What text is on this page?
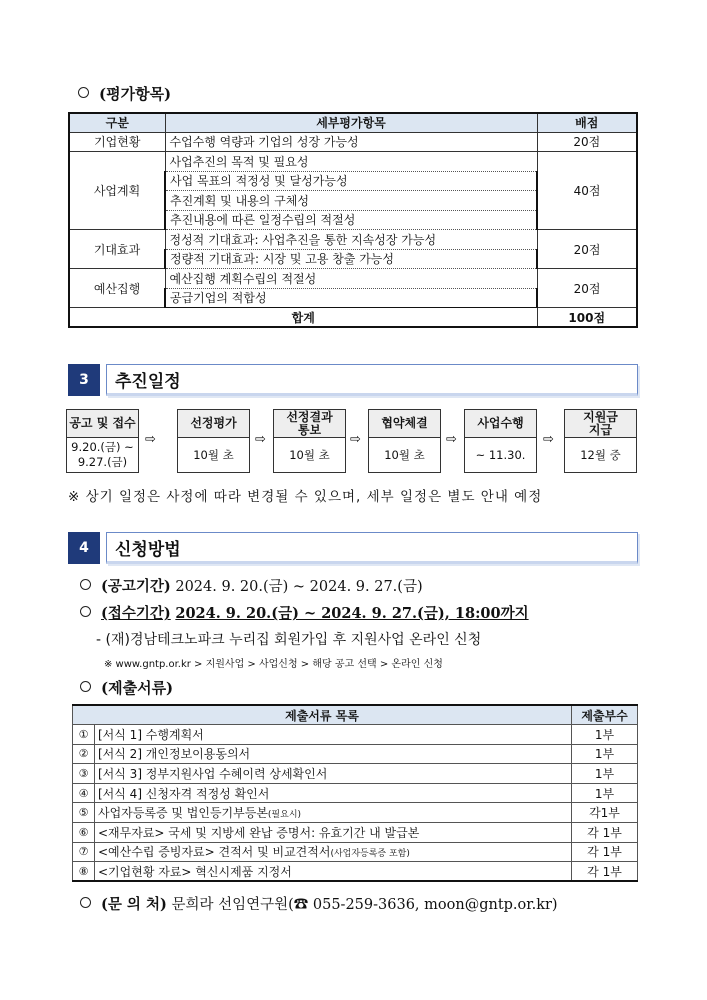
(평가항목)
구분	세부평가항목	배점
기업현황	수업수행 역량과 기업의 성장 가능성	20점
사업계획	사업추진의 목적 및 필요성	40점
	사업 목표의 적정성 및 달성가능성	
	추진계획 및 내용의 구체성	
	추진내용에 따른 일정수립의 적절성	
기대효과	정성적 기대효과: 사업추진을 통한 지속성장 가능성	20점
	정량적 기대효과: 시장 및 고용 창출 가능성	
예산집행	예산집행 계획수립의 적절성	20점
	공급기업의 적합성	
합계		100점
3	추진일정
공고 및 접수
9.20.(금) ~
9.27.(금)
⇨
선정평가
10월 초
⇨
선정결과
통보
10월 초
⇨
협약체결
10월 초
⇨
사업수행
~ 11.30.
⇨
지원금
지급
12월 중
※ 상기 일정은 사정에 따라 변경될 수 있으며, 세부 일정은 별도 안내 예정
4	신청방법
(공고기간) 2024. 9. 20.(금) ~ 2024. 9. 27.(금)
(접수기간) 2024. 9. 20.(금) ~ 2024. 9. 27.(금), 18:00까지
- (재)경남테크노파크 누리집 회원가입 후 지원사업 온라인 신청
※ www.gntp.or.kr > 지원사업 > 사업신청 > 해당 공고 선택 > 온라인 신청
(제출서류)
제출서류 목록		제출부수
①	[서식 1] 수행계획서	1부
②	[서식 2] 개인정보이용동의서	1부
③	[서식 3] 정부지원사업 수혜이력 상세확인서	1부
④	[서식 4] 신청자격 적정성 확인서	1부
⑤	사업자등록증 및 법인등기부등본(필요시)	각1부
⑥	<재무자료> 국세 및 지방세 완납 증명서: 유효기간 내 발급본	각 1부
⑦	<예산수립 증빙자료> 견적서 및 비교견적서(사업자등록증 포함)	각 1부
⑧	<기업현황 자료> 혁신시제품 지정서	각 1부
(문 의 처) 문희라 선임연구원(☎ 055-259-3636, moon@gntp.or.kr)
